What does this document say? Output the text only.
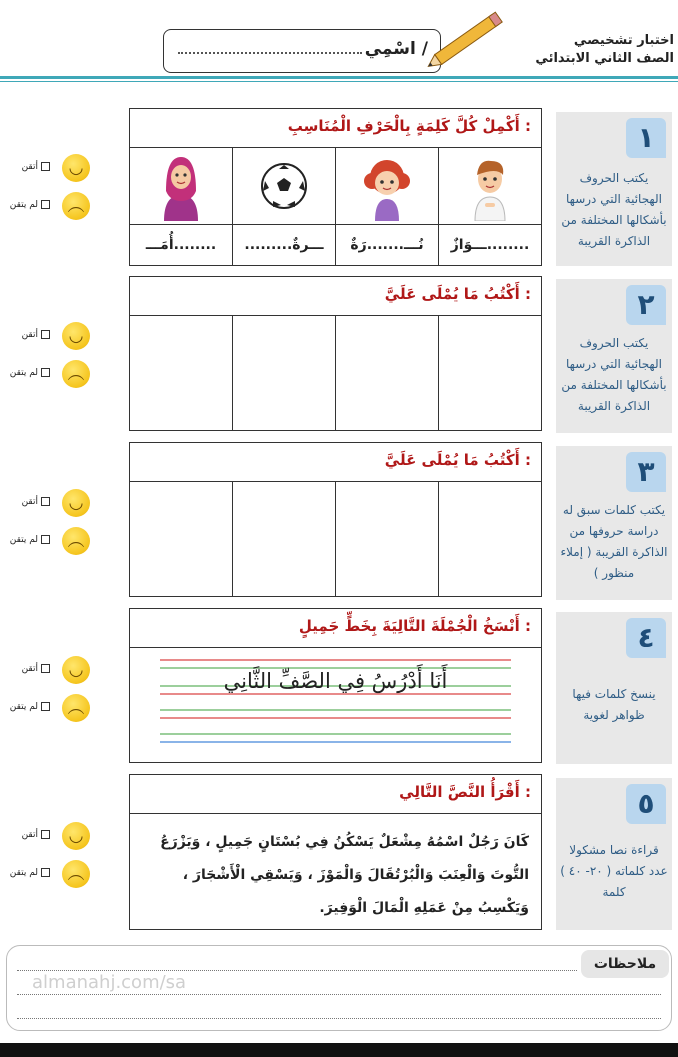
اختبار تشخيصي
الصف الثاني الابتدائي
اسْمِي /
أَكْمِلْ كُلَّ كَلِمَةٍ بِالْحَرْفِ الْمُنَاسِبِ :
أُمَـــ........	.........ـــرةٌ	نُـــ.......رَةٌ	ـــوَازٌ........
١
يكتب الحروف الهجائية التي درسها بأشكالها المختلفة من الذاكرة القريبة
◡
أتقن
︵
لم يتقن
أَكْتُبُ مَا يُمْلَى عَلَيَّ :	٢
يكتب الحروف الهجائية التي درسها بأشكالها المختلفة من الذاكرة القريبة
◡
أتقن
︵
لم يتقن
أَكْتُبُ مَا يُمْلَى عَلَيَّ :	٣
يكتب كلمات سبق له دراسة حروفها من الذاكرة القريبة ( إملاء منظور )
◡
أتقن
︵
لم يتقن
أَنْسَخُ الْجُمْلَةَ التَّالِيَةَ بِخَطٍّ جَمِيلٍ :
أَنَا أَدْرُسُ فِي الصَّفِّ الثَّانِي
٤
ينسخ كلمات فيها ظواهر لغوية
◡
أتقن
︵
لم يتقن
أَقْرَأُ النَّصَّ التَّالِي :
كَانَ رَجُلٌ اسْمُهُ مِشْعَلٌ يَسْكُنُ فِي بُسْتَانٍ جَمِيلٍ ، وَيَزْرَعُ التُّوتَ وَالْعِنَبَ وَالْبُرْتُقَالَ وَالْمَوْزَ ، وَيَسْقِي الْأَشْجَارَ ، وَيَكْسِبُ مِنْ عَمَلِهِ الْمَالَ الْوَفِيرَ.
٥
قراءة نصا مشكولا عدد كلماته ( ٢٠- ٤٠ ) كلمة
◡
أتقن
︵
لم يتقن
ملاحظات
almanahj.com/sa
